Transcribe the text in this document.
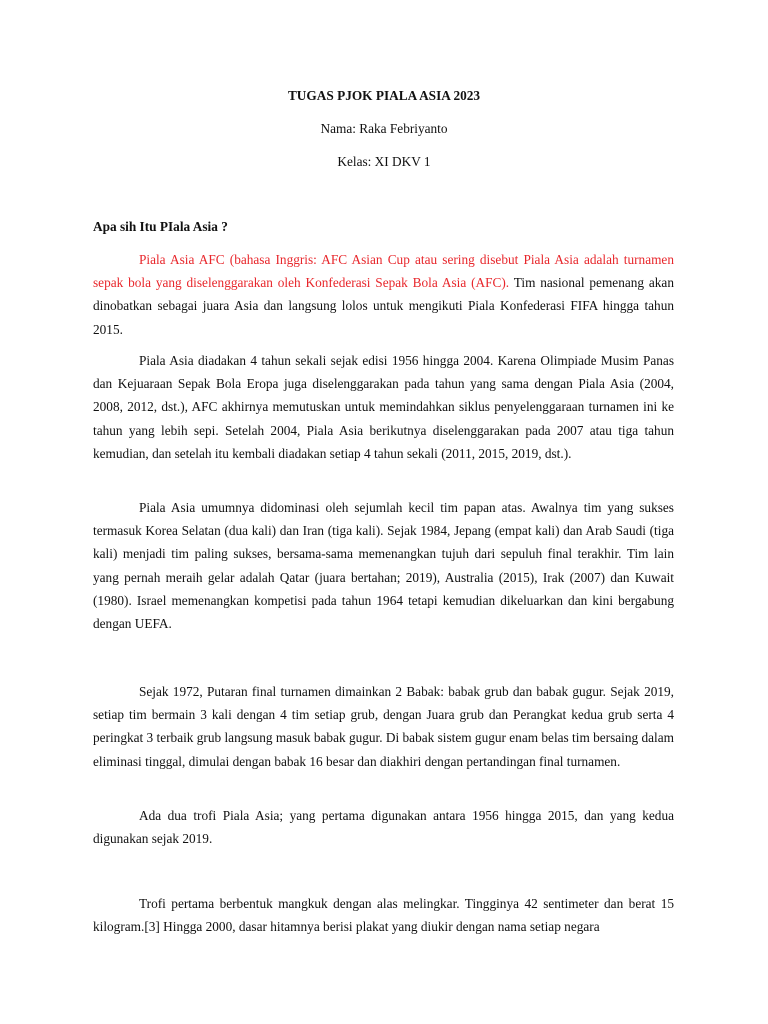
TUGAS PJOK PIALA ASIA 2023
Nama: Raka Febriyanto
Kelas: XI DKV 1
Apa sih Itu PIala Asia ?

Piala Asia AFC (bahasa Inggris: AFC Asian Cup atau sering disebut Piala Asia adalah turnamen sepak bola yang diselenggarakan oleh Konfederasi Sepak Bola Asia (AFC). Tim nasional pemenang akan dinobatkan sebagai juara Asia dan langsung lolos untuk mengikuti Piala Konfederasi FIFA hingga tahun 2015.

Piala Asia diadakan 4 tahun sekali sejak edisi 1956 hingga 2004. Karena Olimpiade Musim Panas dan Kejuaraan Sepak Bola Eropa juga diselenggarakan pada tahun yang sama dengan Piala Asia (2004, 2008, 2012, dst.), AFC akhirnya memutuskan untuk memindahkan siklus penyelenggaraan turnamen ini ke tahun yang lebih sepi. Setelah 2004, Piala Asia berikutnya diselenggarakan pada 2007 atau tiga tahun kemudian, dan setelah itu kembali diadakan setiap 4 tahun sekali (2011, 2015, 2019, dst.).

Piala Asia umumnya didominasi oleh sejumlah kecil tim papan atas. Awalnya tim yang sukses termasuk Korea Selatan (dua kali) dan Iran (tiga kali). Sejak 1984, Jepang (empat kali) dan Arab Saudi (tiga kali) menjadi tim paling sukses, bersama-sama memenangkan tujuh dari sepuluh final terakhir. Tim lain yang pernah meraih gelar adalah Qatar (juara bertahan; 2019), Australia (2015), Irak (2007) dan Kuwait (1980). Israel memenangkan kompetisi pada tahun 1964 tetapi kemudian dikeluarkan dan kini bergabung dengan UEFA.

Sejak 1972, Putaran final turnamen dimainkan 2 Babak: babak grub dan babak gugur. Sejak 2019, setiap tim bermain 3 kali dengan 4 tim setiap grub, dengan Juara grub dan Perangkat kedua grub serta 4 peringkat 3 terbaik grub langsung masuk babak gugur. Di babak sistem gugur enam belas tim bersaing dalam eliminasi tinggal, dimulai dengan babak 16 besar dan diakhiri dengan pertandingan final turnamen.

Ada dua trofi Piala Asia; yang pertama digunakan antara 1956 hingga 2015, dan yang kedua digunakan sejak 2019.

Trofi pertama berbentuk mangkuk dengan alas melingkar. Tingginya 42 sentimeter dan berat 15 kilogram.[3] Hingga 2000, dasar hitamnya berisi plakat yang diukir dengan nama setiap negara
